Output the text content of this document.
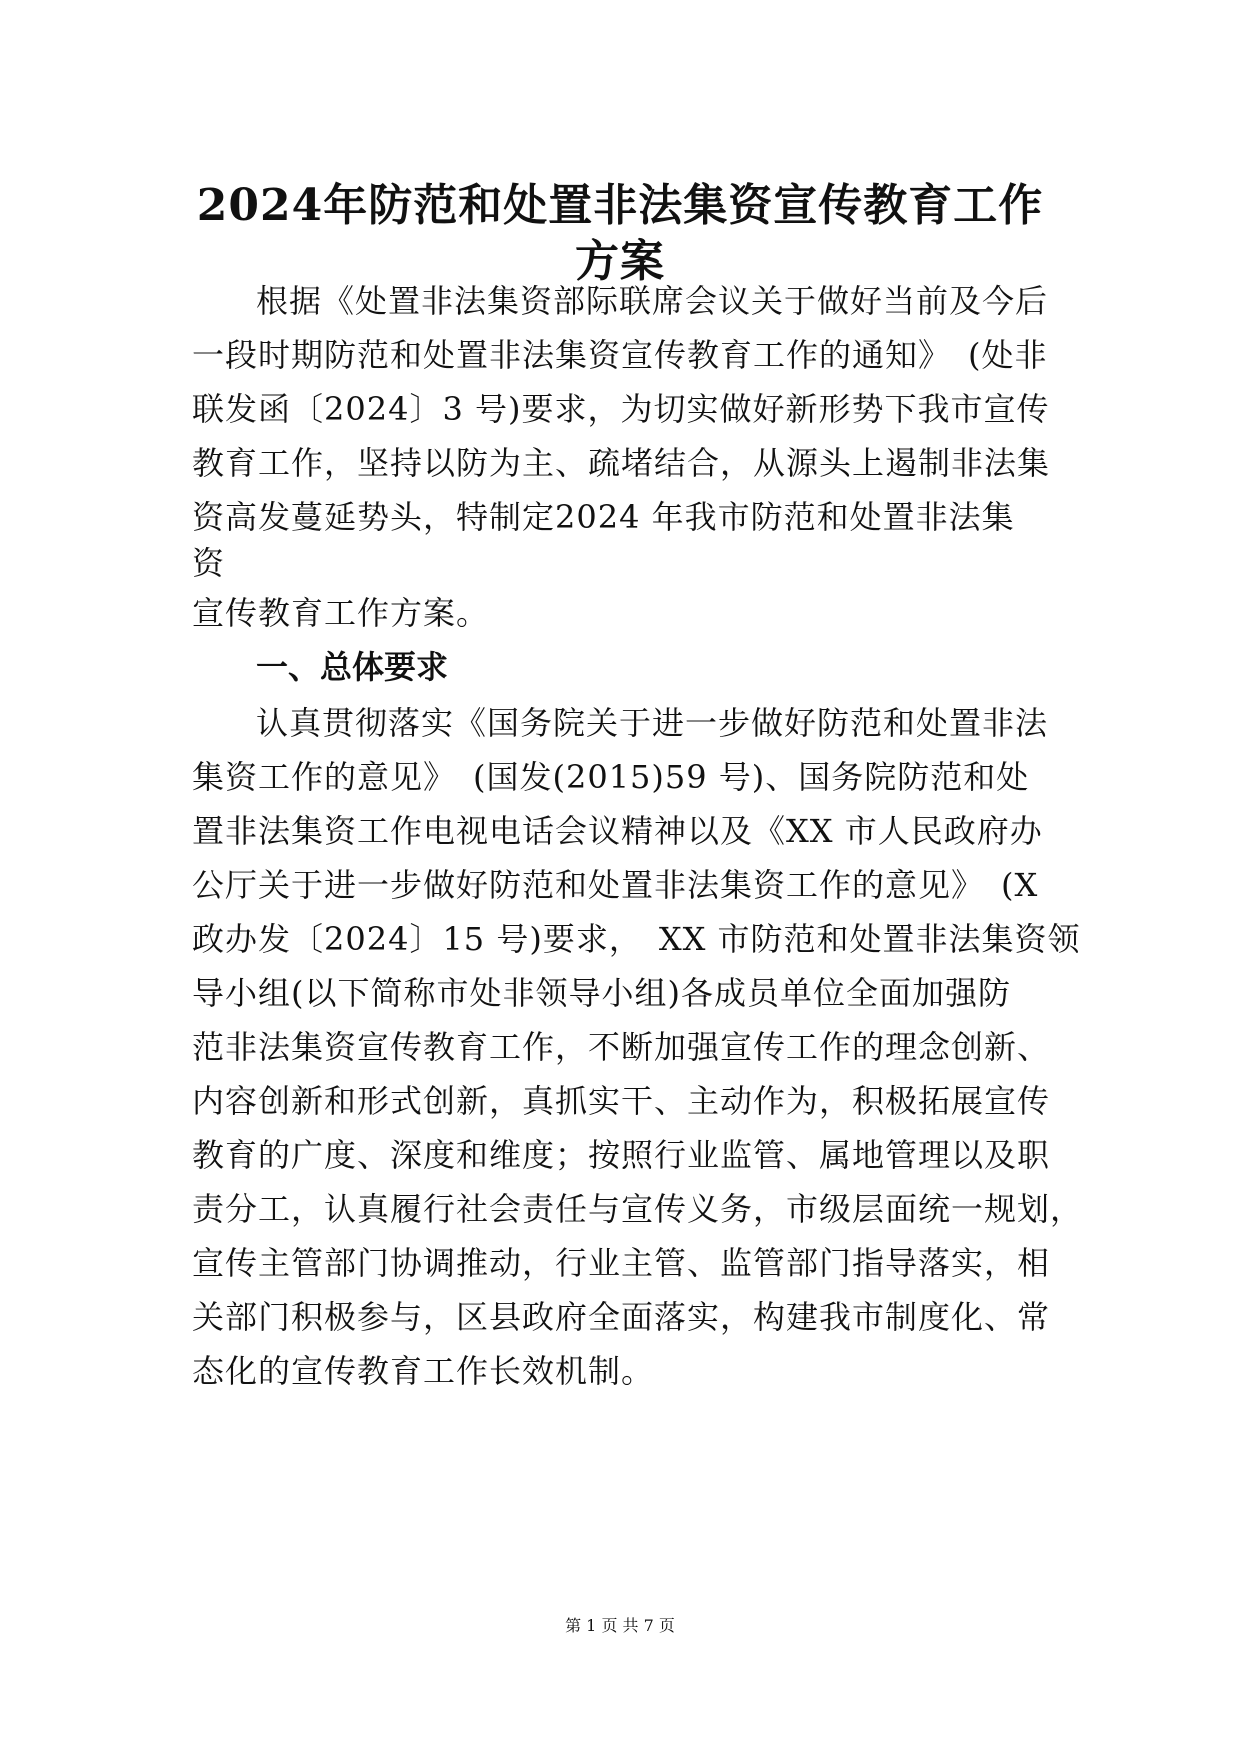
2024年防范和处置非法集资宣传教育工作
方案

根据《处置非法集资部际联席会议关于做好当前及今后

一段时期防范和处置非法集资宣传教育工作的通知》　(处非

联发函〔2024〕3 号)要求，为切实做好新形势下我市宣传

教育工作，坚持以防为主、疏堵结合，从源头上遏制非法集

资高发蔓延势头，特制定2024 年我市防范和处置非法集

资

宣传教育工作方案。

一、总体要求

认真贯彻落实《国务院关于进一步做好防范和处置非法

集资工作的意见》　(国发(2015)59 号)、国务院防范和处

置非法集资工作电视电话会议精神以及《XX 市人民政府办

公厅关于进一步做好防范和处置非法集资工作的意见》　(X

政办发〔2024〕15 号)要求，　XX 市防范和处置非法集资领

导小组(以下简称市处非领导小组)各成员单位全面加强防

范非法集资宣传教育工作，不断加强宣传工作的理念创新、

内容创新和形式创新，真抓实干、主动作为，积极拓展宣传

教育的广度、深度和维度；按照行业监管、属地管理以及职

责分工，认真履行社会责任与宣传义务，市级层面统一规划，

宣传主管部门协调推动，行业主管、监管部门指导落实，相

关部门积极参与，区县政府全面落实，构建我市制度化、常

态化的宣传教育工作长效机制。

第 1 页 共 7 页
